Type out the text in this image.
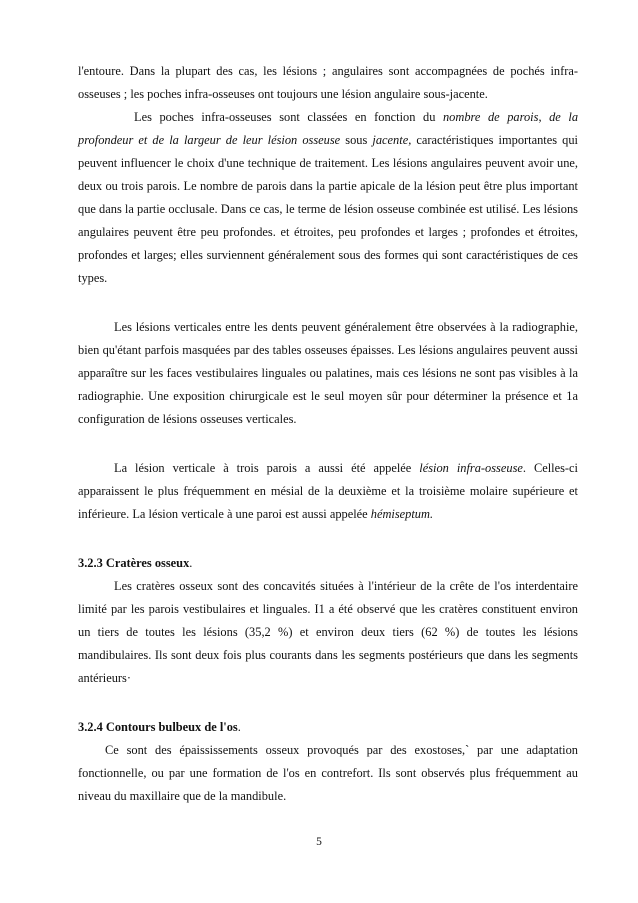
l'entoure. Dans la plupart des cas, les lésions ; angulaires sont accompagnées de pochés infra-osseuses ; les poches infra-osseuses ont toujours une lésion angulaire sous-jacente.

Les poches infra-osseuses sont classées en fonction du nombre de parois, de la profondeur et de la largeur de leur lésion osseuse sous jacente, caractéristiques importantes qui peuvent influencer le choix d'une technique de traitement. Les lésions angulaires peuvent avoir une, deux ou trois parois. Le nombre de parois dans la partie apicale de la lésion peut être plus important que dans la partie occlusale. Dans ce cas, le terme de lésion osseuse combinée est utilisé. Les lésions angulaires peuvent être peu profondes. et étroites, peu profondes et larges ; profondes et étroites, profondes et larges; elles surviennent généralement sous des formes qui sont caractéristiques de ces types.

Les lésions verticales entre les dents peuvent généralement être observées à la radiographie, bien qu'étant parfois masquées par des tables osseuses épaisses. Les lésions angulaires peuvent aussi apparaître sur les faces vestibulaires linguales ou palatines, mais ces lésions ne sont pas visibles à la radiographie. Une exposition chirurgicale est le seul moyen sûr pour déterminer la présence et 1a configuration de lésions osseuses verticales.

La lésion verticale à trois parois a aussi été appelée lésion infra-osseuse. Celles-ci apparaissent le plus fréquemment en mésial de la deuxième et la troisième molaire supérieure et inférieure. La lésion verticale à une paroi est aussi appelée hémiseptum.

3.2.3 Cratères osseux.

Les cratères osseux sont des concavités situées à l'intérieur de la crête de l'os interdentaire limité par les parois vestibulaires et linguales. I1 a été observé que les cratères constituent environ un tiers de toutes les lésions (35,2 %) et environ deux tiers (62 %) de toutes les lésions mandibulaires. Ils sont deux fois plus courants dans les segments postérieurs que dans les segments antérieurs·

3.2.4 Contours bulbeux de l'os.

Ce sont des épaississements osseux provoqués par des exostoses,` par une adaptation fonctionnelle, ou par une formation de l'os en contrefort. Ils sont observés plus fréquemment au niveau du maxillaire que de la mandibule.

5
